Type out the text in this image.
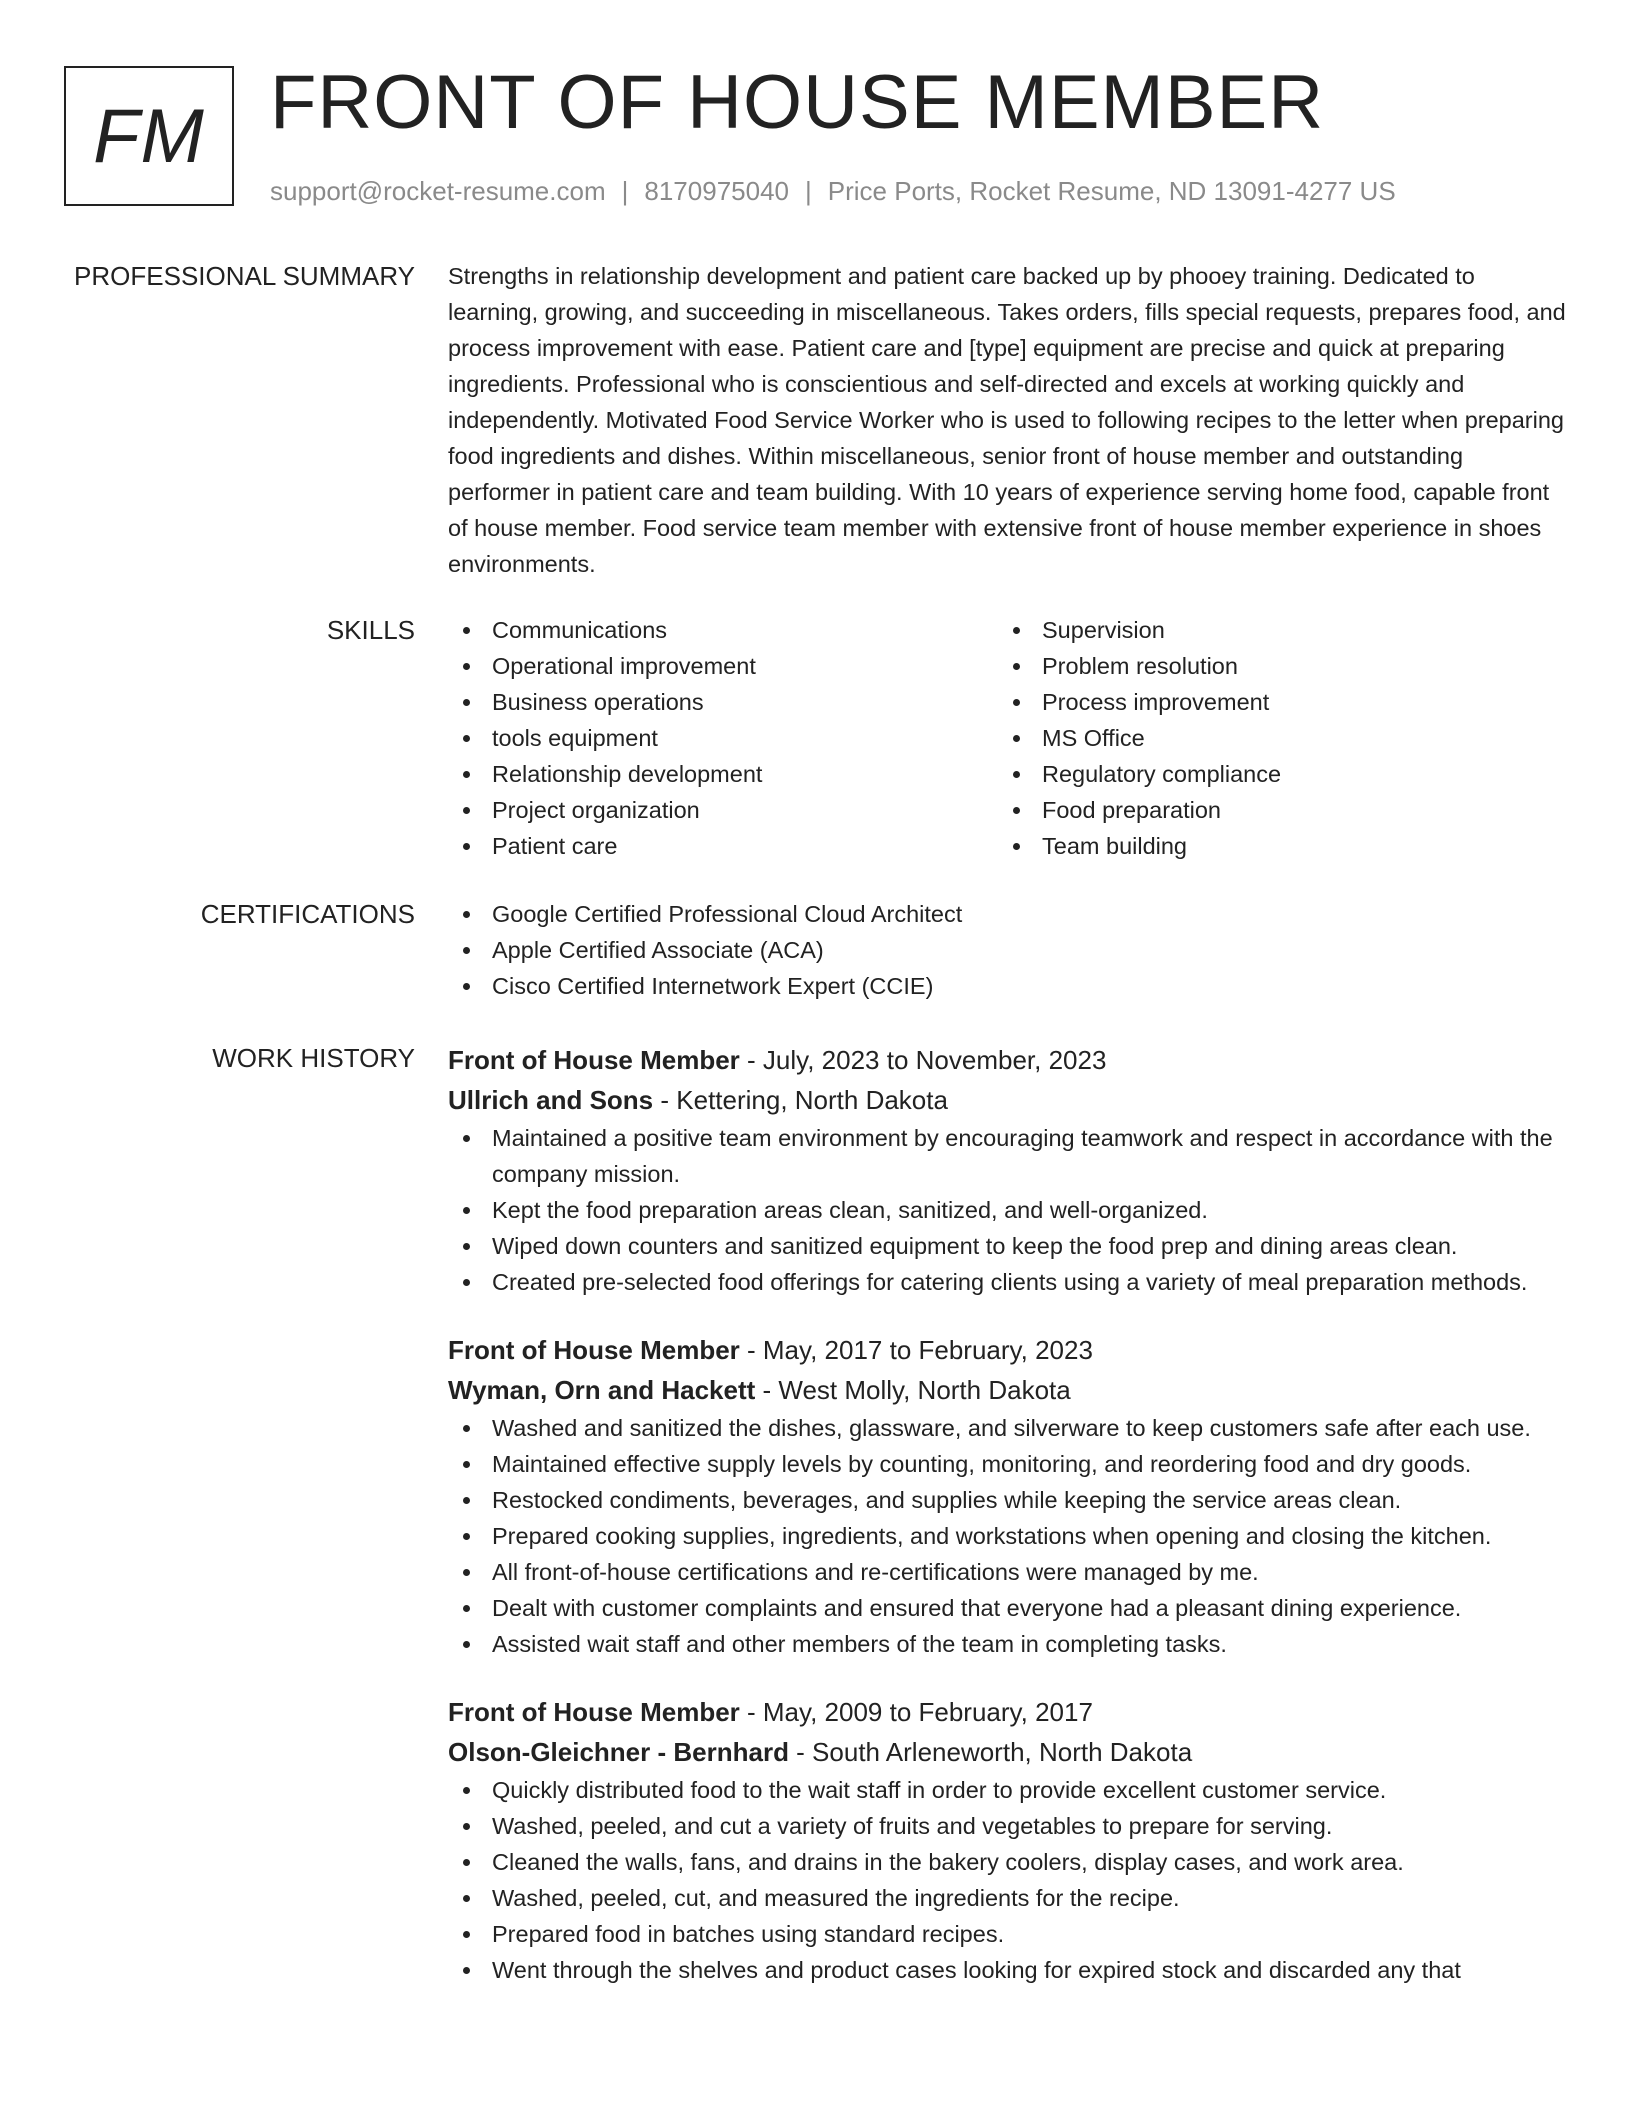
FM FRONT OF HOUSE MEMBER
support@rocket-resume.com | 8170975040 | Price Ports, Rocket Resume, ND 13091-4277 US
PROFESSIONAL SUMMARY Strengths in relationship development and patient care backed up by phooey training. Dedicated to learning, growing, and succeeding in miscellaneous. Takes orders, fills special requests, prepares food, and process improvement with ease. Patient care and [type] equipment are precise and quick at preparing ingredients. Professional who is conscientious and self-directed and excels at working quickly and independently. Motivated Food Service Worker who is used to following recipes to the letter when preparing food ingredients and dishes. Within miscellaneous, senior front of house member and outstanding performer in patient care and team building. With 10 years of experience serving home food, capable front of house member. Food service team member with extensive front of house member experience in shoes environments.

SKILLS	Communications
Operational improvement
Business operations
tools equipment
Relationship development
Project organization
Patient care
Supervision
Problem resolution
Process improvement
MS Office
Regulatory compliance
Food preparation
Team building
CERTIFICATIONS	Google Certified Professional Cloud Architect
Apple Certified Associate (ACA)
Cisco Certified Internetwork Expert (CCIE)
WORK HISTORY Front of House Member - July, 2023 to November, 2023
Ullrich and Sons - Kettering, North Dakota
Maintained a positive team environment by encouraging teamwork and respect in accordance with the company mission.
Kept the food preparation areas clean, sanitized, and well-organized.
Wiped down counters and sanitized equipment to keep the food prep and dining areas clean.
Created pre-selected food offerings for catering clients using a variety of meal preparation methods.
Front of House Member - May, 2017 to February, 2023
Wyman, Orn and Hackett - West Molly, North Dakota
Washed and sanitized the dishes, glassware, and silverware to keep customers safe after each use.
Maintained effective supply levels by counting, monitoring, and reordering food and dry goods.
Restocked condiments, beverages, and supplies while keeping the service areas clean.
Prepared cooking supplies, ingredients, and workstations when opening and closing the kitchen.
All front-of-house certifications and re-certifications were managed by me.
Dealt with customer complaints and ensured that everyone had a pleasant dining experience.
Assisted wait staff and other members of the team in completing tasks.
Front of House Member - May, 2009 to February, 2017
Olson-Gleichner - Bernhard - South Arleneworth, North Dakota
Quickly distributed food to the wait staff in order to provide excellent customer service.
Washed, peeled, and cut a variety of fruits and vegetables to prepare for serving.
Cleaned the walls, fans, and drains in the bakery coolers, display cases, and work area.
Washed, peeled, cut, and measured the ingredients for the recipe.
Prepared food in batches using standard recipes.
Went through the shelves and product cases looking for expired stock and discarded any that
